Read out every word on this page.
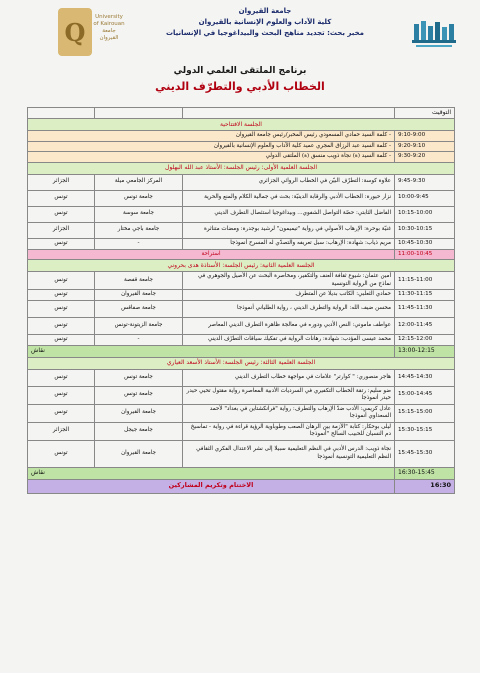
Q
University
of Kairouan
جامعة
القيروان
جامعة القيروان
كلية الآداب والعلوم الإنسانية بالقيروان
مخبر بحث: تجديد مناهج البحث والبيداغوجيا في الإنسانيات
برنامج الملتقى العلمي الدولي
الخطاب الأدبي والتطرّف الديني
			التوقيت
الجلسة الافتتاحية			
- كلمة السيد حمادي المسعودي رئيس المخبر/رئيس جامعة القيروان			9:10-9:00
- كلمة السيد عبد الرزاق المجري عميد كلية الآداب والعلوم الإنسانية بالقيروان			9:20-9:10
- كلمة السيد (ة) نجاة ذويب منسق (ة) الملتقى الدولي			9:30-9:20
الجلسة العلمية الأولى: رئيس الجلسة: الأستاذ عبد الله البهلول			
الجزائر	المركز الجامعي ميلة	علاوة كوسة: التطرّف البيّن في الخطاب الروائي الجزائري	9:45-9:30
تونس	جامعة تونس	نزار حيورة: الخطاب الأدبي والرقابة الدينيّة: بحث في جمالية الكلام والمنع والحرية	10:00-9:45
تونس	جامعة سوسة	الفاضل الثابتي: حصّة التواصل الشفوي... وبيداغوجيا استئصال التطرف الديني	10:15-10:00
الجزائر	جامعة باجي مختار	غنيّة بوحرة: الإرهاب الأصولي في رواية "تيميمون" لرشيد بوجدرة: ومضات متناثرة	10:30-10:15
تونس	-	مريم ذياب: شهادة: الإرهاب: سبل تعريفه والتصدّي له المسرح أنموذجا	10:45-10:30
استراحة			11:00-10:45
الجلسة العلمية الثانية: رئيس الجلسة: الأستاذة هدى بحروني			
تونس	جامعة قفصة	أمين عثمان: شيوع ثقافة العنف والتكفير، ومخاصرة البحث عن الأصيل والجوهري في نماذج من الرواية التونسية	11:15-11:00
تونس	جامعة القيروان	حمادي الثعلبي: الكاتب بديلا عن المتطرف	11:30-11:15
تونس	جامعة صفاقس	محسن ضيف الله: الرواية والتطرف الديني ، رواية الطلياني أنموذجا	11:45-11:30
تونس	جامعة الزيتونة-تونس	عواطف ماموني: النص الأدبي ودوره في معالجة ظاهرة التطرف الديني المعاصر	12:00-11:45
تونس	-	محمد عيسى المؤدب: شهادة: رهانات الرواية في تفكيك سياقات التطرّف الديني	12:15-12:00
نقاش			13:00-12:15
الجلسة العلمية الثالثة: رئيس الجلسة: الأستاذ الأسعد العياري			
تونس	جامعة تونس	هاجر منصوري: " كوارتر" علامات في مواجهة خطاب التطرف الديني	14:45-14:30
تونس	جامعة تونس	ضو سليم: رتقة الخطاب التكفيري في السرديات الأدبية المعاصرة رواية مقتول تحيي حيدر حيدر أنموذجا	15:00-14:45
تونس	جامعة القيروان	عادل كريمي: الأدب ضدّ الإرهاب والتطرف: رواية "فرانكشتاين في بغداد" لأحمد السعداوي أنموذجا	15:15-15:00
الجزائر	جامعة جيجل	ليلى بوحكار: كتابة "الأزمة بين الرهان الصعب وطوباوية الرؤية قراءة في رواية - تماسيخ دم النسيان للحبيب السالح "أنموذجا	15:30-15:15
تونس	جامعة القيروان	نجاة ذويب: الدرس الأدبي في النظم التعليمية سبيلا إلى نشر الاعتدال الفكري الثقافي النظم التعليمية التونسية أنموذجا	15:45-15:30
نقاش			16:30-15:45
الاختتام وتكريم المشاركين			16:30
